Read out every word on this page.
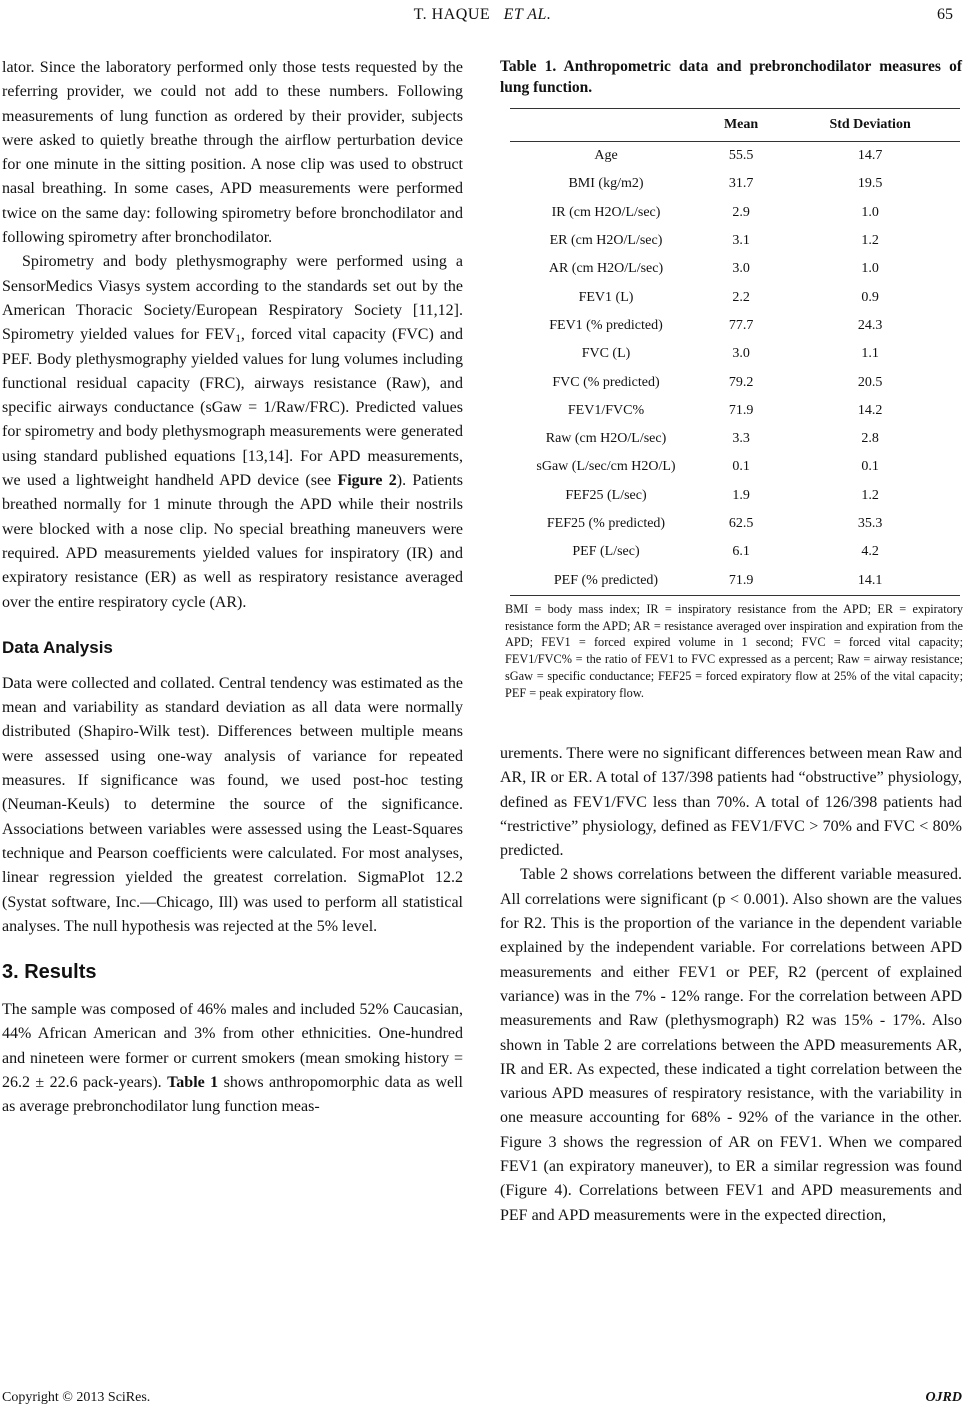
T. HAQUE ET AL.	65

lator. Since the laboratory performed only those tests requested by the referring provider, we could not add to these numbers. Following measurements of lung function as ordered by their provider, subjects were asked to quietly breathe through the airflow perturbation device for one minute in the sitting position. A nose clip was used to obstruct nasal breathing. In some cases, APD measurements were performed twice on the same day: following spirometry before bronchodilator and following spirometry after bronchodilator.

Spirometry and body plethysmography were performed using a SensorMedics Viasys system according to the standards set out by the American Thoracic Society/European Respiratory Society [11,12]. Spirometry yielded values for $FEV_1$, forced vital capacity (FVC) and PEF. Body plethysmography yielded values for lung volumes including functional residual capacity (FRC), airways resistance (Raw), and specific airways conductance (sGaw = 1/Raw/FRC). Predicted values for spirometry and body plethysmograph measurements were generated using standard published equations [13,14]. For APD measurements, we used a lightweight handheld APD device (see Figure 2). Patients breathed normally for 1 minute through the APD while their nostrils were blocked with a nose clip. No special breathing maneuvers were required. APD measurements yielded values for inspiratory (IR) and expiratory resistance (ER) as well as respiratory resistance averaged over the entire respiratory cycle (AR).

Data Analysis

Data were collected and collated. Central tendency was estimated as the mean and variability as standard deviation as all data were normally distributed (Shapiro-Wilk test). Differences between multiple means were assessed using one-way analysis of variance for repeated measures. If significance was found, we used post-hoc testing (Neuman-Keuls) to determine the source of the significance. Associations between variables were assessed using the Least-Squares technique and Pearson coefficients were calculated. For most analyses, linear regression yielded the greatest correlation. SigmaPlot 12.2 (Systat software, Inc.—Chicago, Ill) was used to perform all statistical analyses. The null hypothesis was rejected at the 5% level.

3. Results

The sample was composed of 46% males and included 52% Caucasian, 44% African American and 3% from other ethnicities. One-hundred and nineteen were former or current smokers (mean smoking history = 26.2 ± 22.6 pack-years). Table 1 shows anthropomorphic data as well as average prebronchodilator lung function meas-

Table 1. Anthropometric data and prebronchodilator measures of lung function.

	Mean	Std Deviation
Age	55.5	14.7
BMI (kg/m2)	31.7	19.5
IR (cm H2O/L/sec)	2.9	1.0
ER (cm H2O/L/sec)	3.1	1.2
AR (cm H2O/L/sec)	3.0	1.0
FEV1 (L)	2.2	0.9
FEV1 (% predicted)	77.7	24.3
FVC (L)	3.0	1.1
FVC (% predicted)	79.2	20.5
FEV1/FVC%	71.9	14.2
Raw (cm H2O/L/sec)	3.3	2.8
sGaw (L/sec/cm H2O/L)	0.1	0.1
FEF25 (L/sec)	1.9	1.2
FEF25 (% predicted)	62.5	35.3
PEF (L/sec)	6.1	4.2
PEF (% predicted)	71.9	14.1

BMI = body mass index; IR = inspiratory resistance from the APD; ER = expiratory resistance form the APD; AR = resistance averaged over inspiration and expiration from the APD; FEV1 = forced expired volume in 1 second; FVC = forced vital capacity; FEV1/FVC% = the ratio of FEV1 to FVC expressed as a percent; Raw = airway resistance; sGaw = specific conductance; FEF25 = forced expiratory flow at 25% of the vital capacity; PEF = peak expiratory flow.

urements. There were no significant differences between mean Raw and AR, IR or ER. A total of 137/398 patients had “obstructive” physiology, defined as FEV1/FVC less than 70%. A total of 126/398 patients had “restrictive” physiology, defined as FEV1/FVC > 70% and FVC < 80% predicted.

Table 2 shows correlations between the different variable measured. All correlations were significant (p < 0.001). Also shown are the values for R2. This is the proportion of the variance in the dependent variable explained by the independent variable. For correlations between APD measurements and either FEV1 or PEF, R2 (percent of explained variance) was in the 7% - 12% range. For the correlation between APD measurements and Raw (plethysmograph) R2 was 15% - 17%. Also shown in Table 2 are correlations between the APD measurements AR, IR and ER. As expected, these indicated a tight correlation between the various APD measures of respiratory resistance, with the variability in one measure accounting for 68% - 92% of the variance in the other. Figure 3 shows the regression of AR on FEV1. When we compared FEV1 (an expiratory maneuver), to ER a similar regression was found (Figure 4). Correlations between FEV1 and APD measurements and PEF and APD measurements were in the expected direction,

Copyright © 2013 SciRes.	OJRD
